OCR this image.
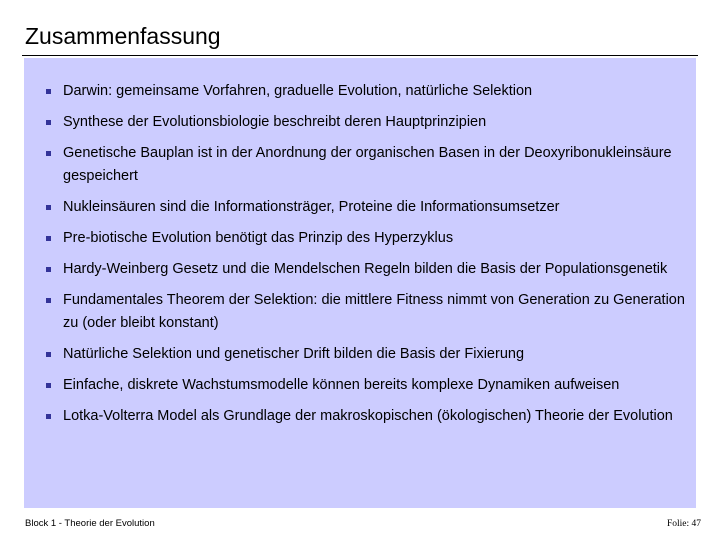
Zusammenfassung
Darwin: gemeinsame Vorfahren, graduelle Evolution, natürliche Selektion
Synthese der Evolutionsbiologie beschreibt deren Hauptprinzipien
Genetische Bauplan ist in der Anordnung der organischen Basen in der Deoxyribonukleinsäure gespeichert
Nukleinsäuren sind die Informationsträger, Proteine die Informationsumsetzer
Pre-biotische Evolution benötigt das Prinzip des Hyperzyklus
Hardy-Weinberg Gesetz und die Mendelschen Regeln bilden die Basis der Populationsgenetik
Fundamentales Theorem der Selektion: die mittlere Fitness nimmt von Generation zu Generation zu (oder bleibt konstant)
Natürliche Selektion und genetischer Drift bilden die Basis der Fixierung
Einfache, diskrete Wachstumsmodelle können bereits komplexe Dynamiken aufweisen
Lotka-Volterra Model als Grundlage der makroskopischen (ökologischen) Theorie der Evolution
Block 1 - Theorie der Evolution	Folie: 47
